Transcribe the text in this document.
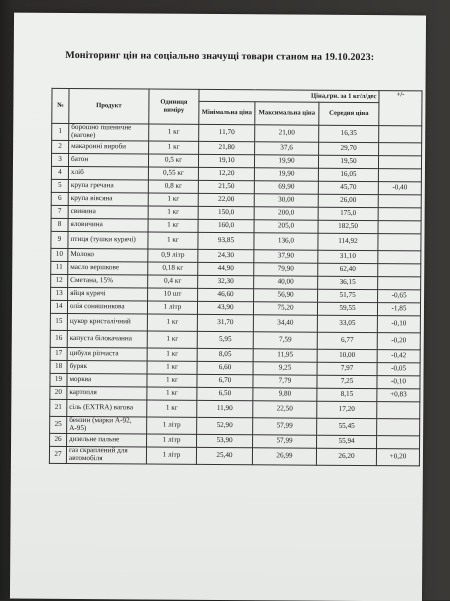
Моніторинг цін на соціально значущі товари станом на 19.10.2023:
№	Продукт	Одиниця виміру	Ціна,грн. за 1 кг/л/дес			+/-
			Мінімальна ціна	Максимальна ціна	Середня ціна	
1	борошно пшеничне (вагове)	1 кг	11,70	21,00	16,35	
2	макаронні вироби	1 кг	21,80	37,6	29,70	
3	батон	0,5 кг	19,10	19,90	19,50	
4	хліб	0,55 кг	12,20	19,90	16,05	
5	крупа гречана	0,8 кг	21,50	69,90	45,70	-0,40
6	крупа вівсяна	1 кг	22,00	30,00	26,00	
7	свинина	1 кг	150,0	200,0	175,0	
8	яловичина	1 кг	160,0	205,0	182,50	
9	птиця (тушки курячі)	1 кг	93,85	136,0	114,92	
10	Молоко	0,9 літр	24,30	37,90	31,10	
11	масло вершкове	0,18 кг	44,90	79,90	62,40	
12	Сметана, 15%	0,4 кг	32,30	40,00	36,15	
13	яйця курячі	10 шт	46,60	56,90	51,75	-0,65
14	олія соняшникова	1 літр	43,90	75,20	59,55	-1,85
15	цукор кристалічний	1 кг	31,70	34,40	33,05	-0,10
16	капуста білокачанна	1 кг	5,95	7,59	6,77	-0,20
17	цибуля ріпчаста	1 кг	8,05	11,95	10,00	-0,42
18	буряк	1 кг	6,60	9,25	7,97	-0,05
19	морква	1 кг	6,70	7,79	7,25	-0,10
20	картопля	1 кг	6,50	9,80	8,15	+0,83
21	сіль (EXTRA) вагова	1 кг	11,90	22,50	17,20	
25	бензин (марки А-92, А-95)	1 літр	52,90	57,99	55,45	
26	дизельне пальне	1 літр	53,90	57,99	55,94	
27	газ скраплений для автомобіля	1 літр	25,40	26,99	26,20	+0,20
